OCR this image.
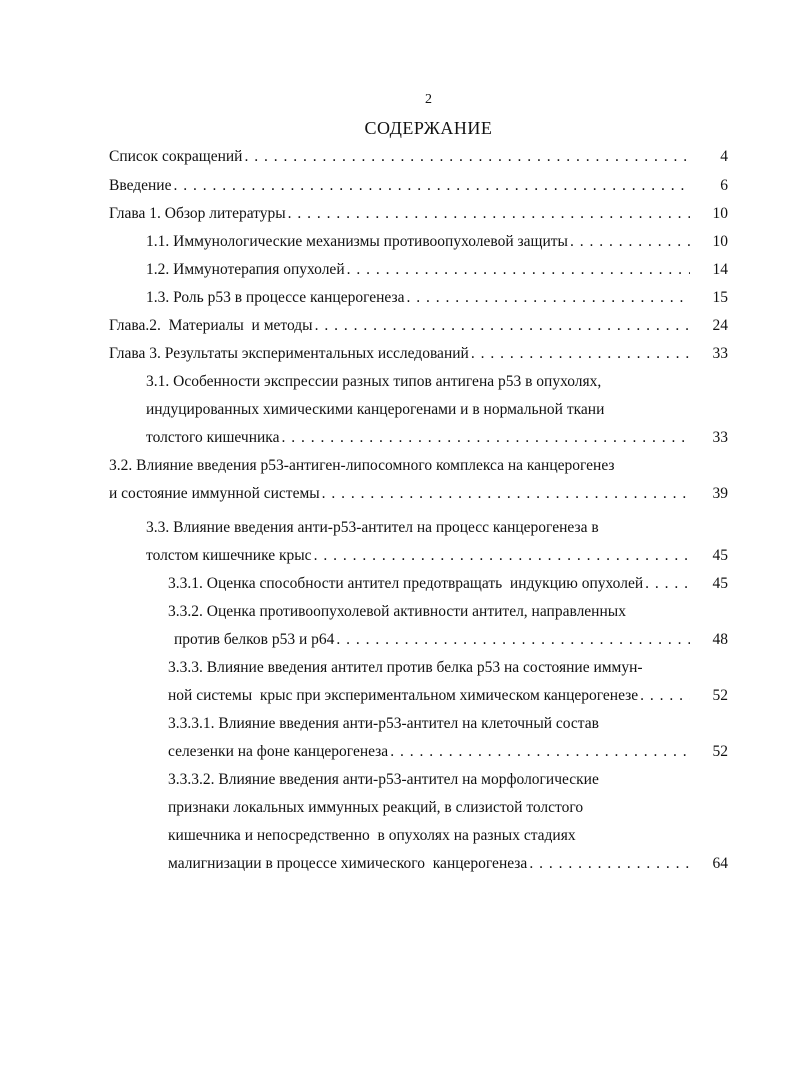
2
СОДЕРЖАНИЕ
Список сокращений . . .	4
Введение . . .	6
Глава 1. Обзор литературы . . .	10
1.1. Иммунологические механизмы противоопухолевой защиты . . .	10
1.2. Иммунотерапия опухолей . . .	14
1.3. Роль p53 в процессе канцерогенеза . . .	15
Глава.2.  Материалы  и методы . . .	24
Глава 3. Результаты экспериментальных исследований . . .	33
3.1. Особенности экспрессии разных типов антигена p53 в опухолях,
индуцированных химическими канцерогенами и в нормальной ткани
толстого кишечника . . .	33
3.2. Влияние введения p53-антиген-липосомного комплекса на канцерогенез
и состояние иммунной системы . . .	39
3.3. Влияние введения анти-p53-антител на процесс канцерогенеза в
толстом кишечнике крыс . . .	45
3.3.1. Оценка способности антител предотвращать  индукцию опухолей . . .	45
3.3.2. Оценка противоопухолевой активности антител, направленных
против белков p53 и p64 . . .	48
3.3.3. Влияние введения антител против белка p53 на состояние иммун-
ной системы  крыс при экспериментальном химическом канцерогенезе . . .	52
3.3.3.1. Влияние введения анти-p53-антител на клеточный состав
селезенки на фоне канцерогенеза . . .	52
3.3.3.2. Влияние введения анти-p53-антител на морфологические
признаки локальных иммунных реакций, в слизистой толстого
кишечника и непосредственно  в опухолях на разных стадиях
малигнизации в процессе химического  канцерогенеза . . .	64
